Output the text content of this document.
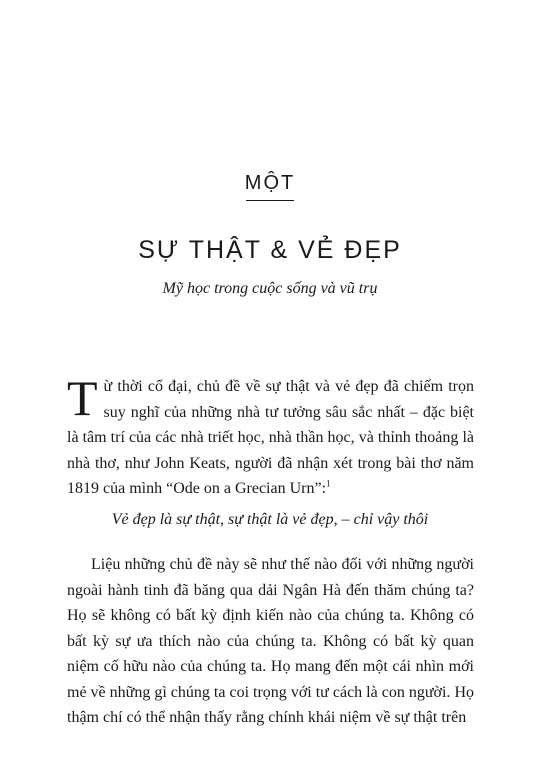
MỘT
SỰ THẬT & VẺ ĐẸP
Mỹ học trong cuộc sống và vũ trụ
Từ thời cổ đại, chủ đề về sự thật và vẻ đẹp đã chiếm trọn suy nghĩ của những nhà tư tưởng sâu sắc nhất – đặc biệt là tâm trí của các nhà triết học, nhà thần học, và thỉnh thoảng là nhà thơ, như John Keats, người đã nhận xét trong bài thơ năm 1819 của mình “Ode on a Grecian Urn”:$^1$
Vẻ đẹp là sự thật, sự thật là vẻ đẹp, – chỉ vậy thôi
Liệu những chủ đề này sẽ như thế nào đối với những người ngoài hành tinh đã băng qua dải Ngân Hà đến thăm chúng ta? Họ sẽ không có bất kỳ định kiến nào của chúng ta. Không có bất kỳ sự ưa thích nào của chúng ta. Không có bất kỳ quan niệm cố hữu nào của chúng ta. Họ mang đến một cái nhìn mới mẻ về những gì chúng ta coi trọng với tư cách là con người. Họ thậm chí có thể nhận thấy rằng chính khái niệm về sự thật trên
